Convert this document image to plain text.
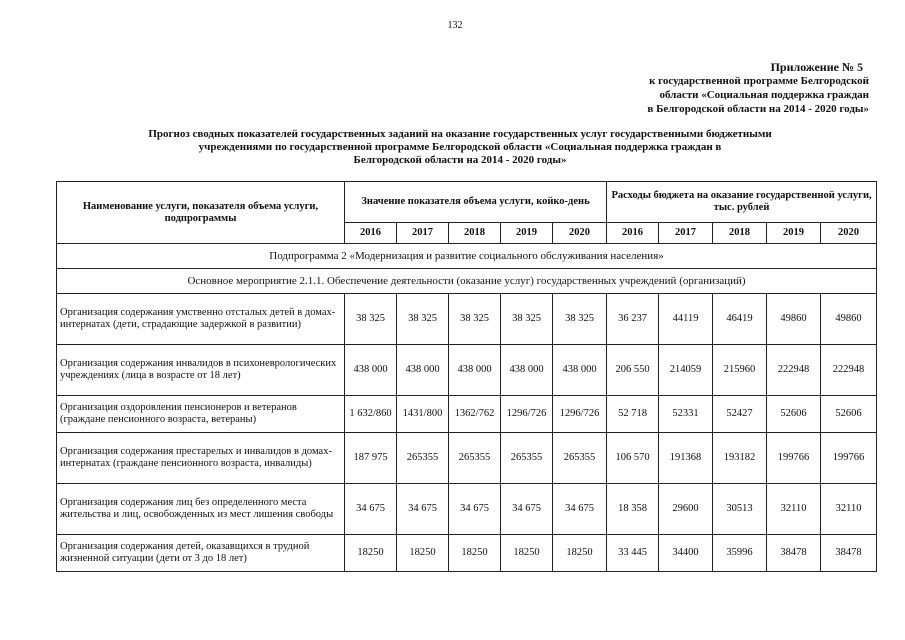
132
Приложение № 5
к государственной программе Белгородской
области «Социальная поддержка граждан
в Белгородской области на 2014 - 2020 годы»
Прогноз сводных показателей государственных заданий на оказание государственных услуг государственными бюджетными
учреждениями по государственной программе Белгородской области «Социальная поддержка граждан в
Белгородской области на 2014 - 2020 годы»
Наименование услуги, показателя объема услуги, подпрограммы	Значение показателя объема услуги, койко-день					Расходы бюджета на оказание государственной услуги, тыс. рублей				
	2016	2017	2018	2019	2020	2016	2017	2018	2019	2020
Подпрограмма 2 «Модернизация и развитие социального обслуживания населения»										
Основное мероприятие 2.1.1. Обеспечение деятельности (оказание услуг) государственных учреждений (организаций)										
Организация содержания умственно отсталых детей в домах-интернатах (дети, страдающие задержкой в развитии)	38 325	38 325	38 325	38 325	38 325	36 237	44119	46419	49860	49860
Организация содержания инвалидов в психоневрологических учреждениях (лица в возрасте от 18 лет)	438 000	438 000	438 000	438 000	438 000	206 550	214059	215960	222948	222948
Организация оздоровления пенсионеров и ветеранов (граждане пенсионного возраста, ветераны)	1 632/860	1431/800	1362/762	1296/726	1296/726	52 718	52331	52427	52606	52606
Организация содержания престарелых и инвалидов в домах-интернатах (граждане пенсионного возраста, инвалиды)	187 975	265355	265355	265355	265355	106 570	191368	193182	199766	199766
Организация содержания лиц без определенного места жительства и лиц, освобожденных из мест лишения свободы	34 675	34 675	34 675	34 675	34 675	18 358	29600	30513	32110	32110
Организация содержания детей, оказавщихся в трудной жизненной ситуации (дети от 3 до 18 лет)	18250	18250	18250	18250	18250	33 445	34400	35996	38478	38478
